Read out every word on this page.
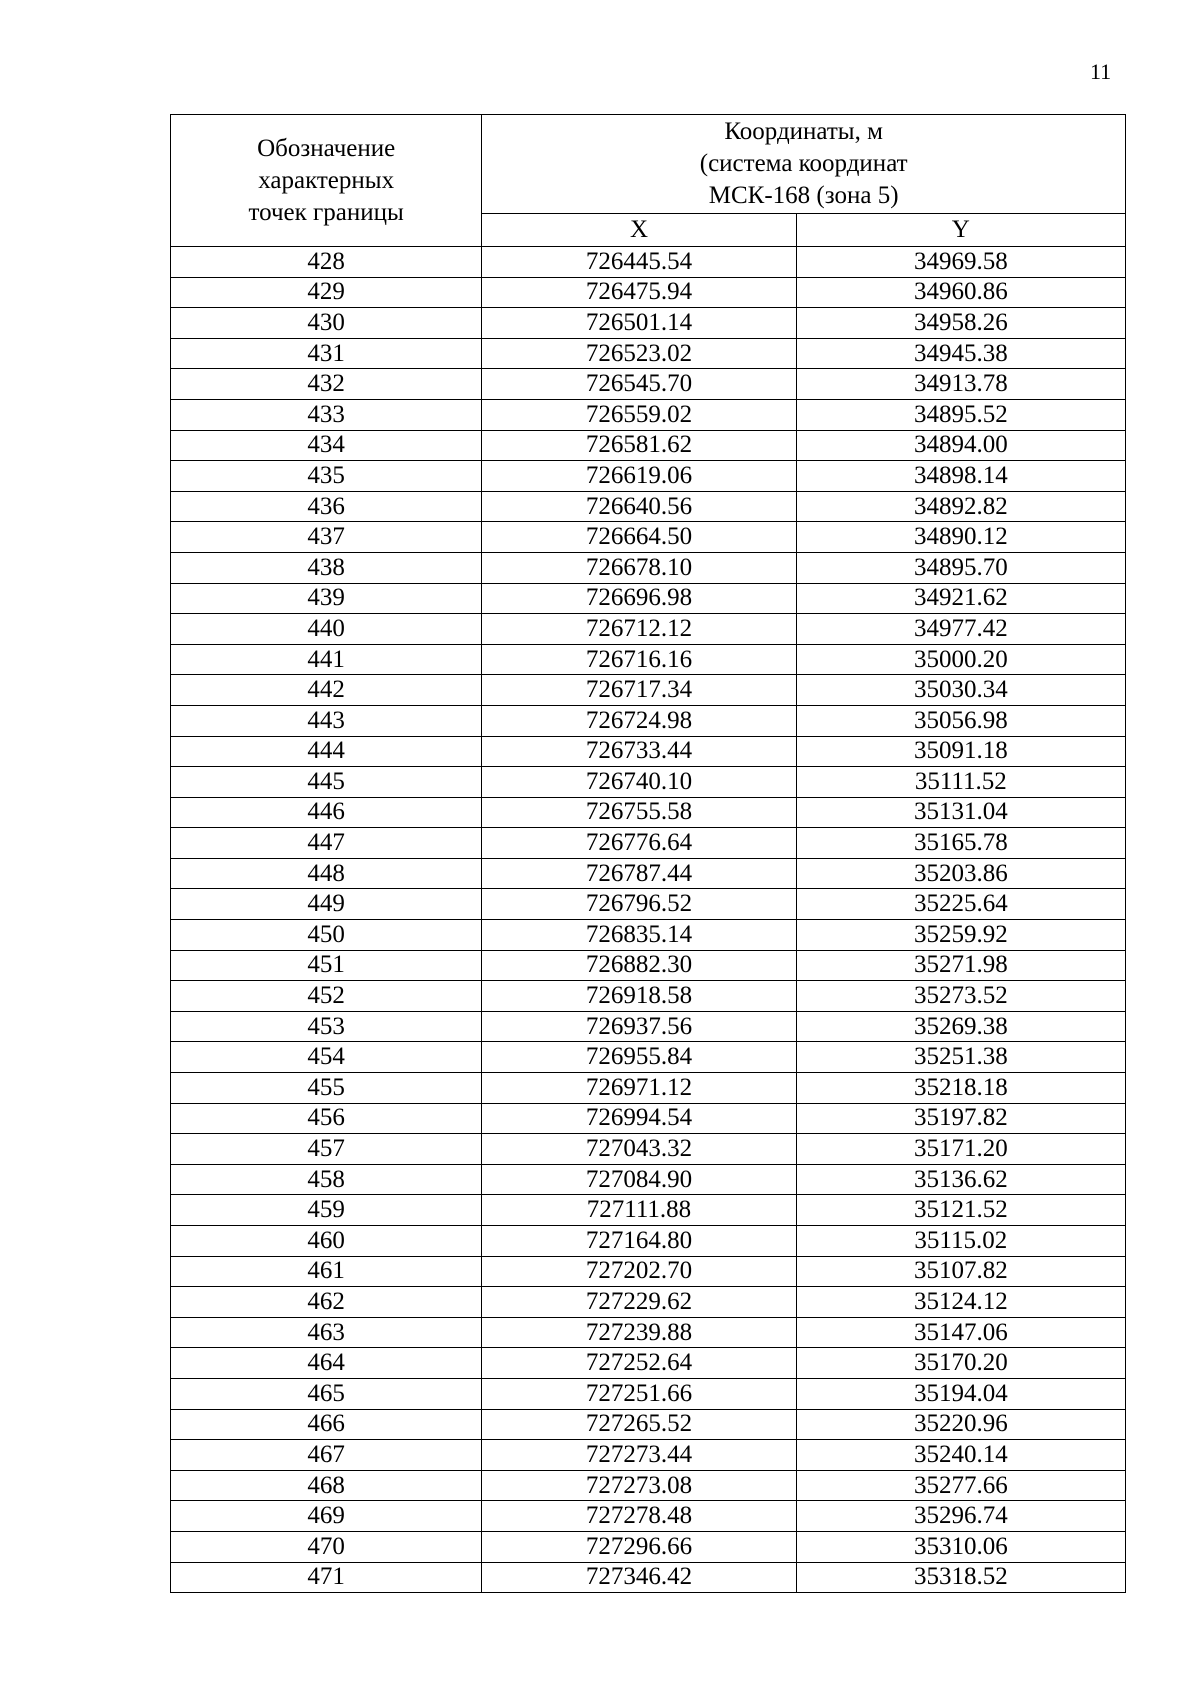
11
Обозначение
характерных
точек границы	Координаты, м
(система координат
МСК-168 (зона 5)	
	X	Y
428	726445.54	34969.58
429	726475.94	34960.86
430	726501.14	34958.26
431	726523.02	34945.38
432	726545.70	34913.78
433	726559.02	34895.52
434	726581.62	34894.00
435	726619.06	34898.14
436	726640.56	34892.82
437	726664.50	34890.12
438	726678.10	34895.70
439	726696.98	34921.62
440	726712.12	34977.42
441	726716.16	35000.20
442	726717.34	35030.34
443	726724.98	35056.98
444	726733.44	35091.18
445	726740.10	35111.52
446	726755.58	35131.04
447	726776.64	35165.78
448	726787.44	35203.86
449	726796.52	35225.64
450	726835.14	35259.92
451	726882.30	35271.98
452	726918.58	35273.52
453	726937.56	35269.38
454	726955.84	35251.38
455	726971.12	35218.18
456	726994.54	35197.82
457	727043.32	35171.20
458	727084.90	35136.62
459	727111.88	35121.52
460	727164.80	35115.02
461	727202.70	35107.82
462	727229.62	35124.12
463	727239.88	35147.06
464	727252.64	35170.20
465	727251.66	35194.04
466	727265.52	35220.96
467	727273.44	35240.14
468	727273.08	35277.66
469	727278.48	35296.74
470	727296.66	35310.06
471	727346.42	35318.52
